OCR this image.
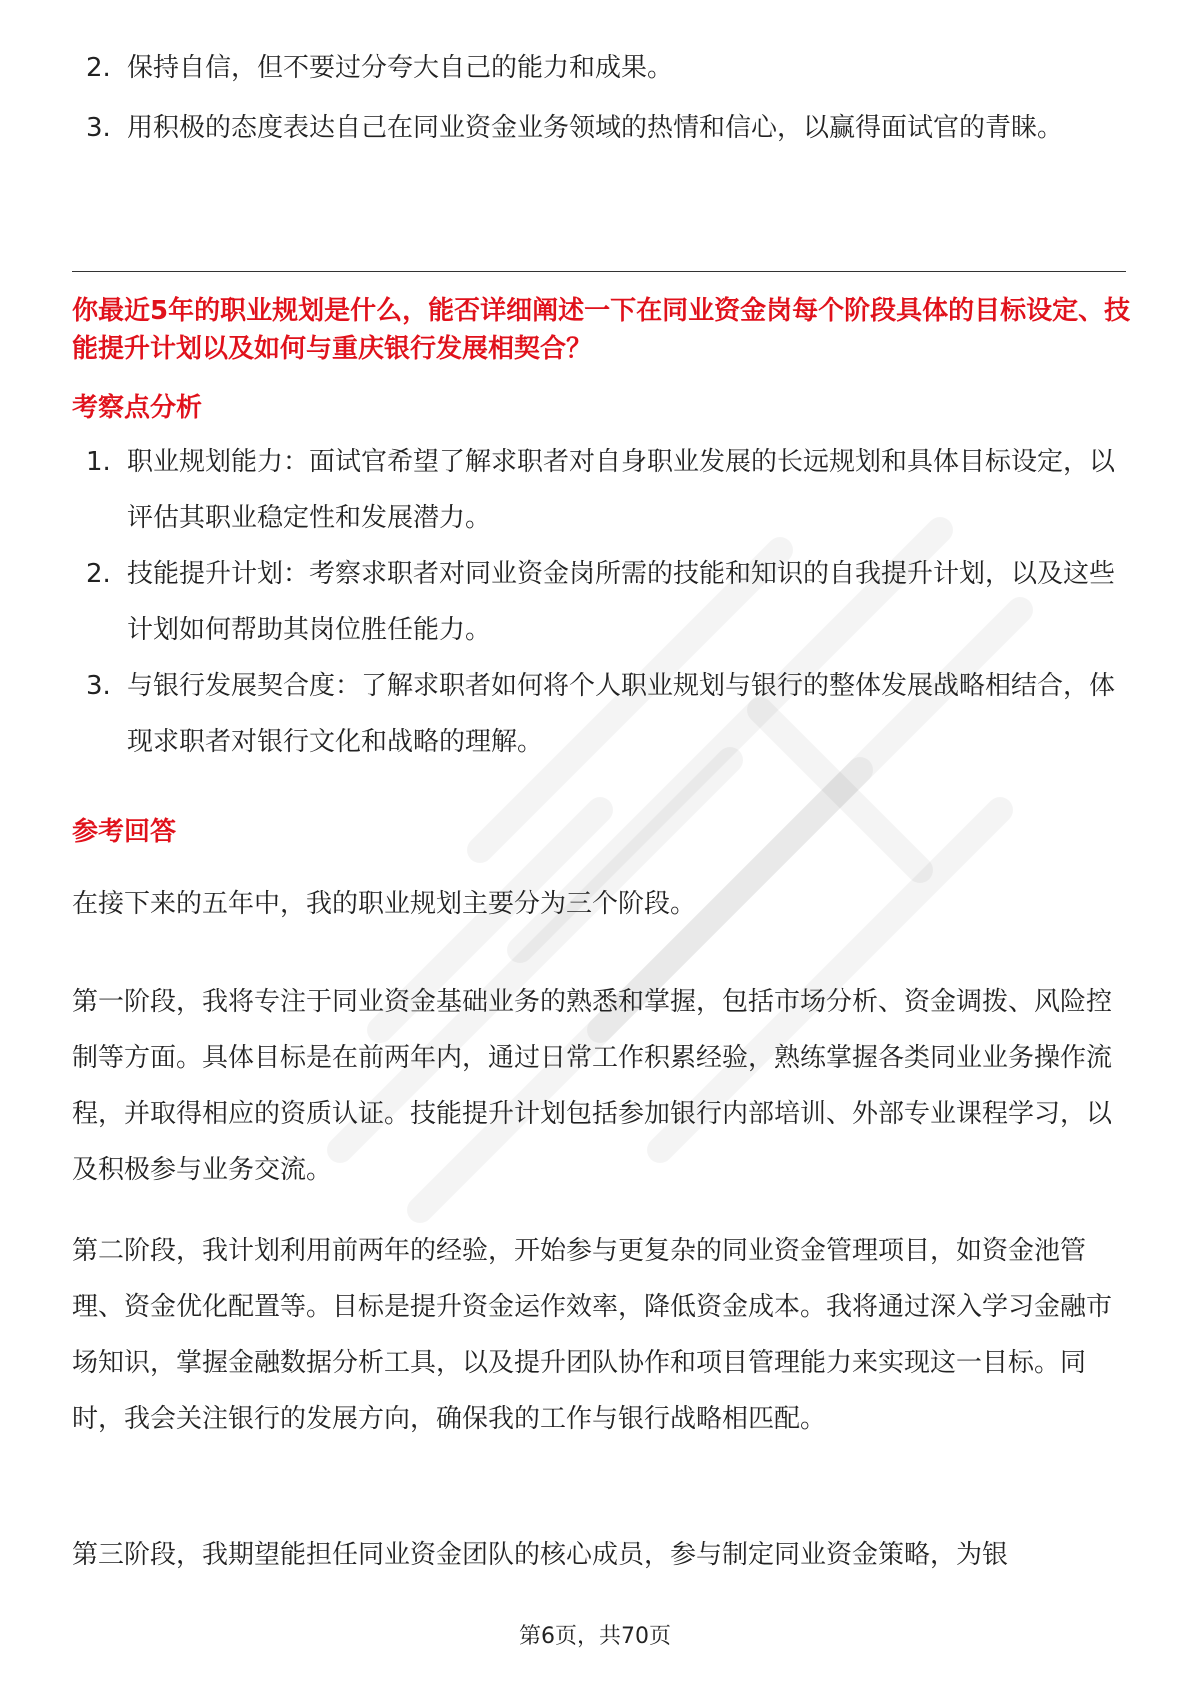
2. 保持自信，但不要过分夸大自己的能力和成果。
3. 用积极的态度表达自己在同业资金业务领域的热情和信心，以赢得面试官的青睐。
你最近5年的职业规划是什么，能否详细阐述一下在同业资金岗每个阶段具体的目标设定、技能提升计划以及如何与重庆银行发展相契合？
考察点分析
1. 职业规划能力：面试官希望了解求职者对自身职业发展的长远规划和具体目标设定，以评估其职业稳定性和发展潜力。
2. 技能提升计划：考察求职者对同业资金岗所需的技能和知识的自我提升计划，以及这些计划如何帮助其岗位胜任能力。
3. 与银行发展契合度：了解求职者如何将个人职业规划与银行的整体发展战略相结合，体现求职者对银行文化和战略的理解。
参考回答

在接下来的五年中，我的职业规划主要分为三个阶段。

第一阶段，我将专注于同业资金基础业务的熟悉和掌握，包括市场分析、资金调拨、风险控制等方面。具体目标是在前两年内，通过日常工作积累经验，熟练掌握各类同业业务操作流程，并取得相应的资质认证。技能提升计划包括参加银行内部培训、外部专业课程学习，以及积极参与业务交流。

第二阶段，我计划利用前两年的经验，开始参与更复杂的同业资金管理项目，如资金池管理、资金优化配置等。目标是提升资金运作效率，降低资金成本。我将通过深入学习金融市场知识，掌握金融数据分析工具，以及提升团队协作和项目管理能力来实现这一目标。同时，我会关注银行的发展方向，确保我的工作与银行战略相匹配。

第三阶段，我期望能担任同业资金团队的核心成员，参与制定同业资金策略，为银

第6页，共70页
